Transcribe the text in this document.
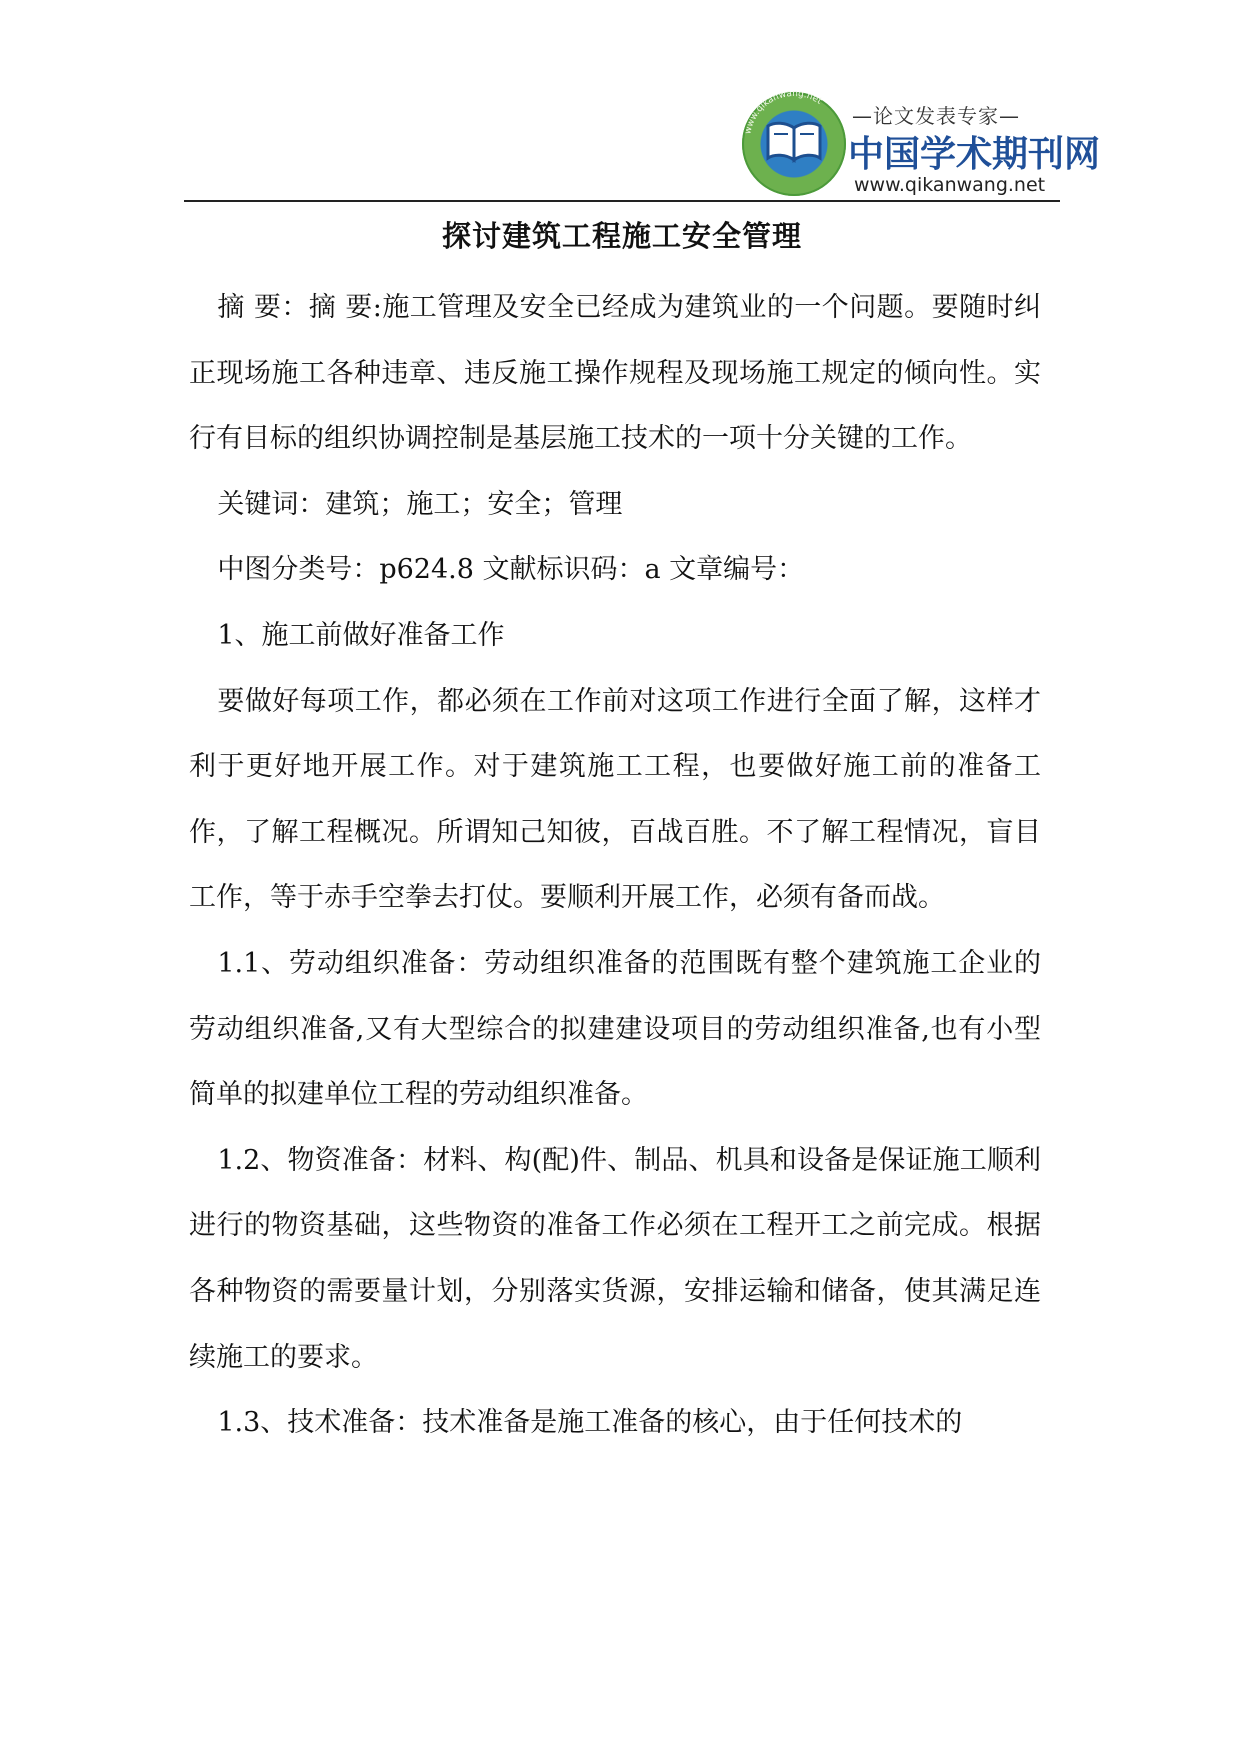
www.qikanwang.net
—论文发表专家—
中国学术期刊网
www.qikanwang.net
探讨建筑工程施工安全管理

摘 要：摘 要:施工管理及安全已经成为建筑业的一个问题。要随时纠正现场施工各种违章、违反施工操作规程及现场施工规定的倾向性。实行有目标的组织协调控制是基层施工技术的一项十分关键的工作。

关键词：建筑；施工；安全；管理

中图分类号：p624.8 文献标识码：a 文章编号：

1、施工前做好准备工作

要做好每项工作，都必须在工作前对这项工作进行全面了解，这样才利于更好地开展工作。对于建筑施工工程，也要做好施工前的准备工作，了解工程概况。所谓知己知彼，百战百胜。不了解工程情况，盲目工作，等于赤手空拳去打仗。要顺利开展工作，必须有备而战。

1.1、劳动组织准备：劳动组织准备的范围既有整个建筑施工企业的劳动组织准备,又有大型综合的拟建建设项目的劳动组织准备,也有小型简单的拟建单位工程的劳动组织准备。

1.2、物资准备：材料、构(配)件、制品、机具和设备是保证施工顺利进行的物资基础，这些物资的准备工作必须在工程开工之前完成。根据各种物资的需要量计划，分别落实货源，安排运输和储备，使其满足连续施工的要求。

1.3、技术准备：技术准备是施工准备的核心，由于任何技术的
